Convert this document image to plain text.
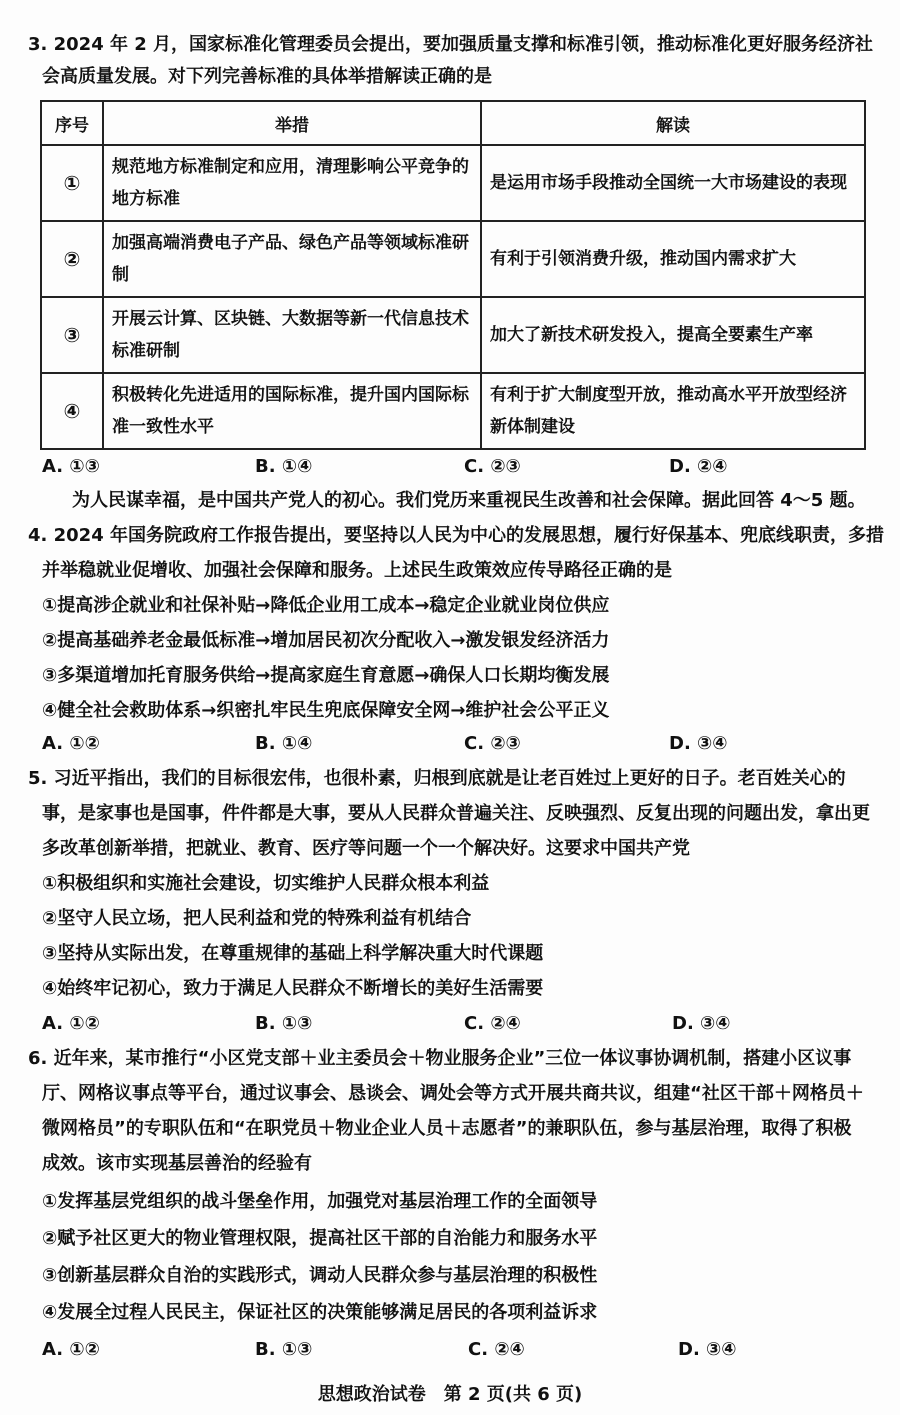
3. 2024 年 2 月，国家标准化管理委员会提出，要加强质量支撑和标准引领，推动标准化更好服务经济社
会高质量发展。对下列完善标准的具体举措解读正确的是
序号	举措	解读
①	规范地方标准制定和应用，清理影响公平竞争的地方标准	是运用市场手段推动全国统一大市场建设的表现
②	加强高端消费电子产品、绿色产品等领域标准研制	有利于引领消费升级，推动国内需求扩大
③	开展云计算、区块链、大数据等新一代信息技术标准研制	加大了新技术研发投入，提高全要素生产率
④	积极转化先进适用的国际标准，提升国内国际标准一致性水平	有利于扩大制度型开放，推动高水平开放型经济新体制建设
A. ①③	B. ①④	C. ②③	D. ②④
为人民谋幸福，是中国共产党人的初心。我们党历来重视民生改善和社会保障。据此回答 4～5 题。
4. 2024 年国务院政府工作报告提出，要坚持以人民为中心的发展思想，履行好保基本、兜底线职责，多措
并举稳就业促增收、加强社会保障和服务。上述民生政策效应传导路径正确的是
①提高涉企就业和社保补贴→降低企业用工成本→稳定企业就业岗位供应
②提高基础养老金最低标准→增加居民初次分配收入→激发银发经济活力
③多渠道增加托育服务供给→提高家庭生育意愿→确保人口长期均衡发展
④健全社会救助体系→织密扎牢民生兜底保障安全网→维护社会公平正义
A. ①②	B. ①④	C. ②③	D. ③④
5. 习近平指出，我们的目标很宏伟，也很朴素，归根到底就是让老百姓过上更好的日子。老百姓关心的
事，是家事也是国事，件件都是大事，要从人民群众普遍关注、反映强烈、反复出现的问题出发，拿出更
多改革创新举措，把就业、教育、医疗等问题一个一个解决好。这要求中国共产党
①积极组织和实施社会建设，切实维护人民群众根本利益
②坚守人民立场，把人民利益和党的特殊利益有机结合
③坚持从实际出发，在尊重规律的基础上科学解决重大时代课题
④始终牢记初心，致力于满足人民群众不断增长的美好生活需要
A. ①②	B. ①③	C. ②④	D. ③④
6. 近年来，某市推行“小区党支部＋业主委员会＋物业服务企业”三位一体议事协调机制，搭建小区议事
厅、网格议事点等平台，通过议事会、恳谈会、调处会等方式开展共商共议，组建“社区干部＋网格员＋
微网格员”的专职队伍和“在职党员＋物业企业人员＋志愿者”的兼职队伍，参与基层治理，取得了积极
成效。该市实现基层善治的经验有
①发挥基层党组织的战斗堡垒作用，加强党对基层治理工作的全面领导
②赋予社区更大的物业管理权限，提高社区干部的自治能力和服务水平
③创新基层群众自治的实践形式，调动人民群众参与基层治理的积极性
④发展全过程人民民主，保证社区的决策能够满足居民的各项利益诉求
A. ①②	B. ①③	C. ②④	D. ③④
思想政治试卷　第 2 页(共 6 页)
